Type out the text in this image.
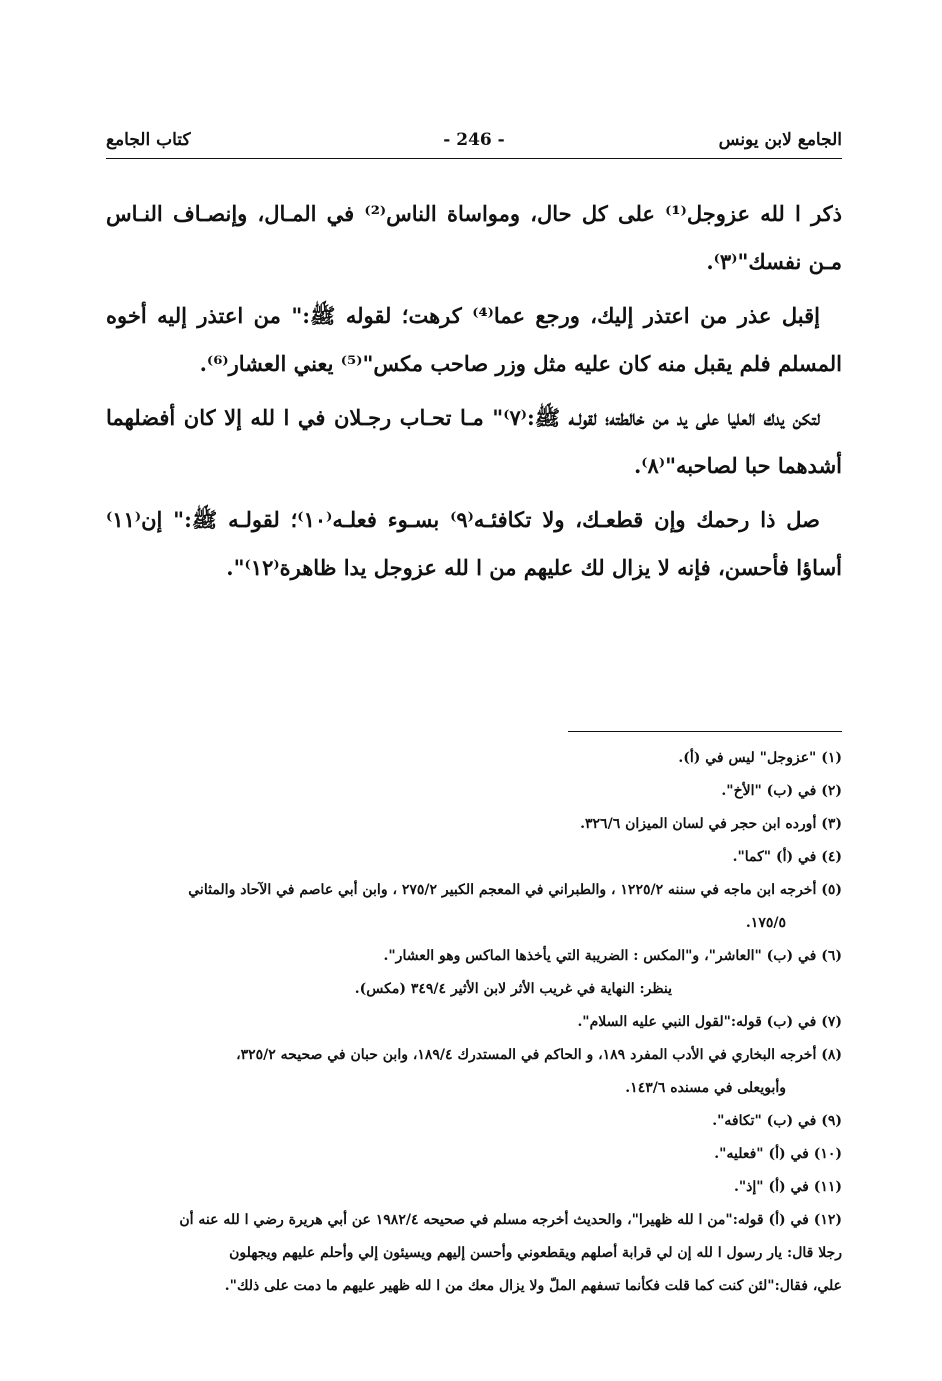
الجامع لابن يونس
- 246 -
كتاب الجامع

ذكر ا لله عزوجل⁽¹⁾ على كل حال، ومواساة الناس⁽²⁾ في المـال، وإنصـاف النـاس مـن نفسك"⁽٣⁾.

إقبل عذر من اعتذر إليك، ورجع عما⁽⁴⁾ كرهت؛ لقوله ﷺ:" من اعتذر إليه أخوه المسلم فلم يقبل منه كان عليه مثل وزر صاحب مكس"⁽⁵⁾ يعني العشار⁽⁶⁾.

لتكن يدك العليا على يد من خالطته؛ لقولـه ﷺ:⁽٧⁾" مـا تحـاب رجـلان في ا لله إلا كان أفضلهما أشدهما حبا لصاحبه"⁽٨⁾.

صل ذا رحمك وإن قطعـك، ولا تكافئـه⁽٩⁾ بسـوء فعلـه⁽١٠⁾؛ لقولـه ﷺ:" إن⁽١١⁾ أساؤا فأحسن، فإنه لا يزال لك عليهم من ا لله عزوجل يدا ظاهرة⁽١٢⁾".

(١) "عزوجل" ليس في (أ).

(٢) في (ب) "الأخ".

(٣) أورده ابن حجر في لسان الميزان ٣٢٦/٦.

(٤) في (أ) "كما".

(٥) أخرجه ابن ماجه في سننه ١٢٢٥/٢ ، والطبراني في المعجم الكبير ٢٧٥/٢ ، وابن أبي عاصم في الآحاد والمثاني

١٧٥/٥.

(٦) في (ب) "العاشر"، و"المكس : الضريبة التي يأخذها الماكس وهو العشار".

ينظر: النهاية في غريب الأثر لابن الأثير ٣٤٩/٤ (مكس).

(٧) في (ب) قوله:"لقول النبي عليه السلام".

(٨) أخرجه البخاري في الأدب المفرد ١٨٩، و الحاكم في المستدرك ١٨٩/٤، وابن حبان في صحيحه ٣٢٥/٢،

وأبويعلى في مسنده ١٤٣/٦.

(٩) في (ب) "تكافه".

(١٠) في (أ) "فعليه".

(١١) في (أ) "إذ".

(١٢) في (أ) قوله:"من ا لله ظهيرا"، والحديث أخرجه مسلم في صحيحه ١٩٨٢/٤ عن أبي هريرة رضي ا لله عنه أن

رجلا قال: يار رسول ا لله إن لي قرابة أصلهم ويقطعوني وأحسن إليهم ويسيئون إلي وأحلم عليهم ويجهلون

علي، فقال:"لئن كنت كما قلت فكأنما تسفهم الملّ ولا يزال معك من ا لله ظهير عليهم ما دمت على ذلك".
